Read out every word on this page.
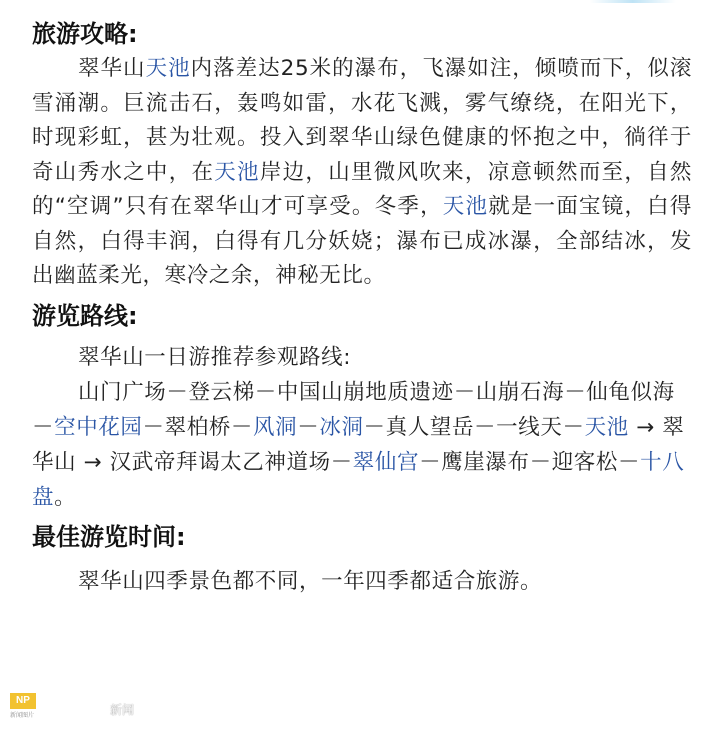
旅游攻略:

翠华山天池内落差达25米的瀑布，飞瀑如注，倾喷而下，似滚雪涌潮。巨流击石，轰鸣如雷，水花飞溅，雾气缭绕，在阳光下，时现彩虹，甚为壮观。投入到翠华山绿色健康的怀抱之中，徜徉于奇山秀水之中，在天池岸边，山里微风吹来，凉意顿然而至，自然的“空调”只有在翠华山才可享受。冬季，天池就是一面宝镜，白得自然，白得丰润，白得有几分妖娆；瀑布已成冰瀑，全部结冰，发出幽蓝柔光，寒冷之余，神秘无比。

游览路线:

翠华山一日游推荐参观路线:

山门广场－登云梯－中国山崩地质遗迹－山崩石海－仙龟似海－空中花园－翠柏桥－风洞－冰洞－真人望岳－一线天－天池 → 翠华山 → 汉武帝拜谒太乙神道场－翠仙宫－鹰崖瀑布－迎客松－十八盘。

最佳游览时间:

翠华山四季景色都不同，一年四季都适合旅游。

NP
新闻图片	新闻
